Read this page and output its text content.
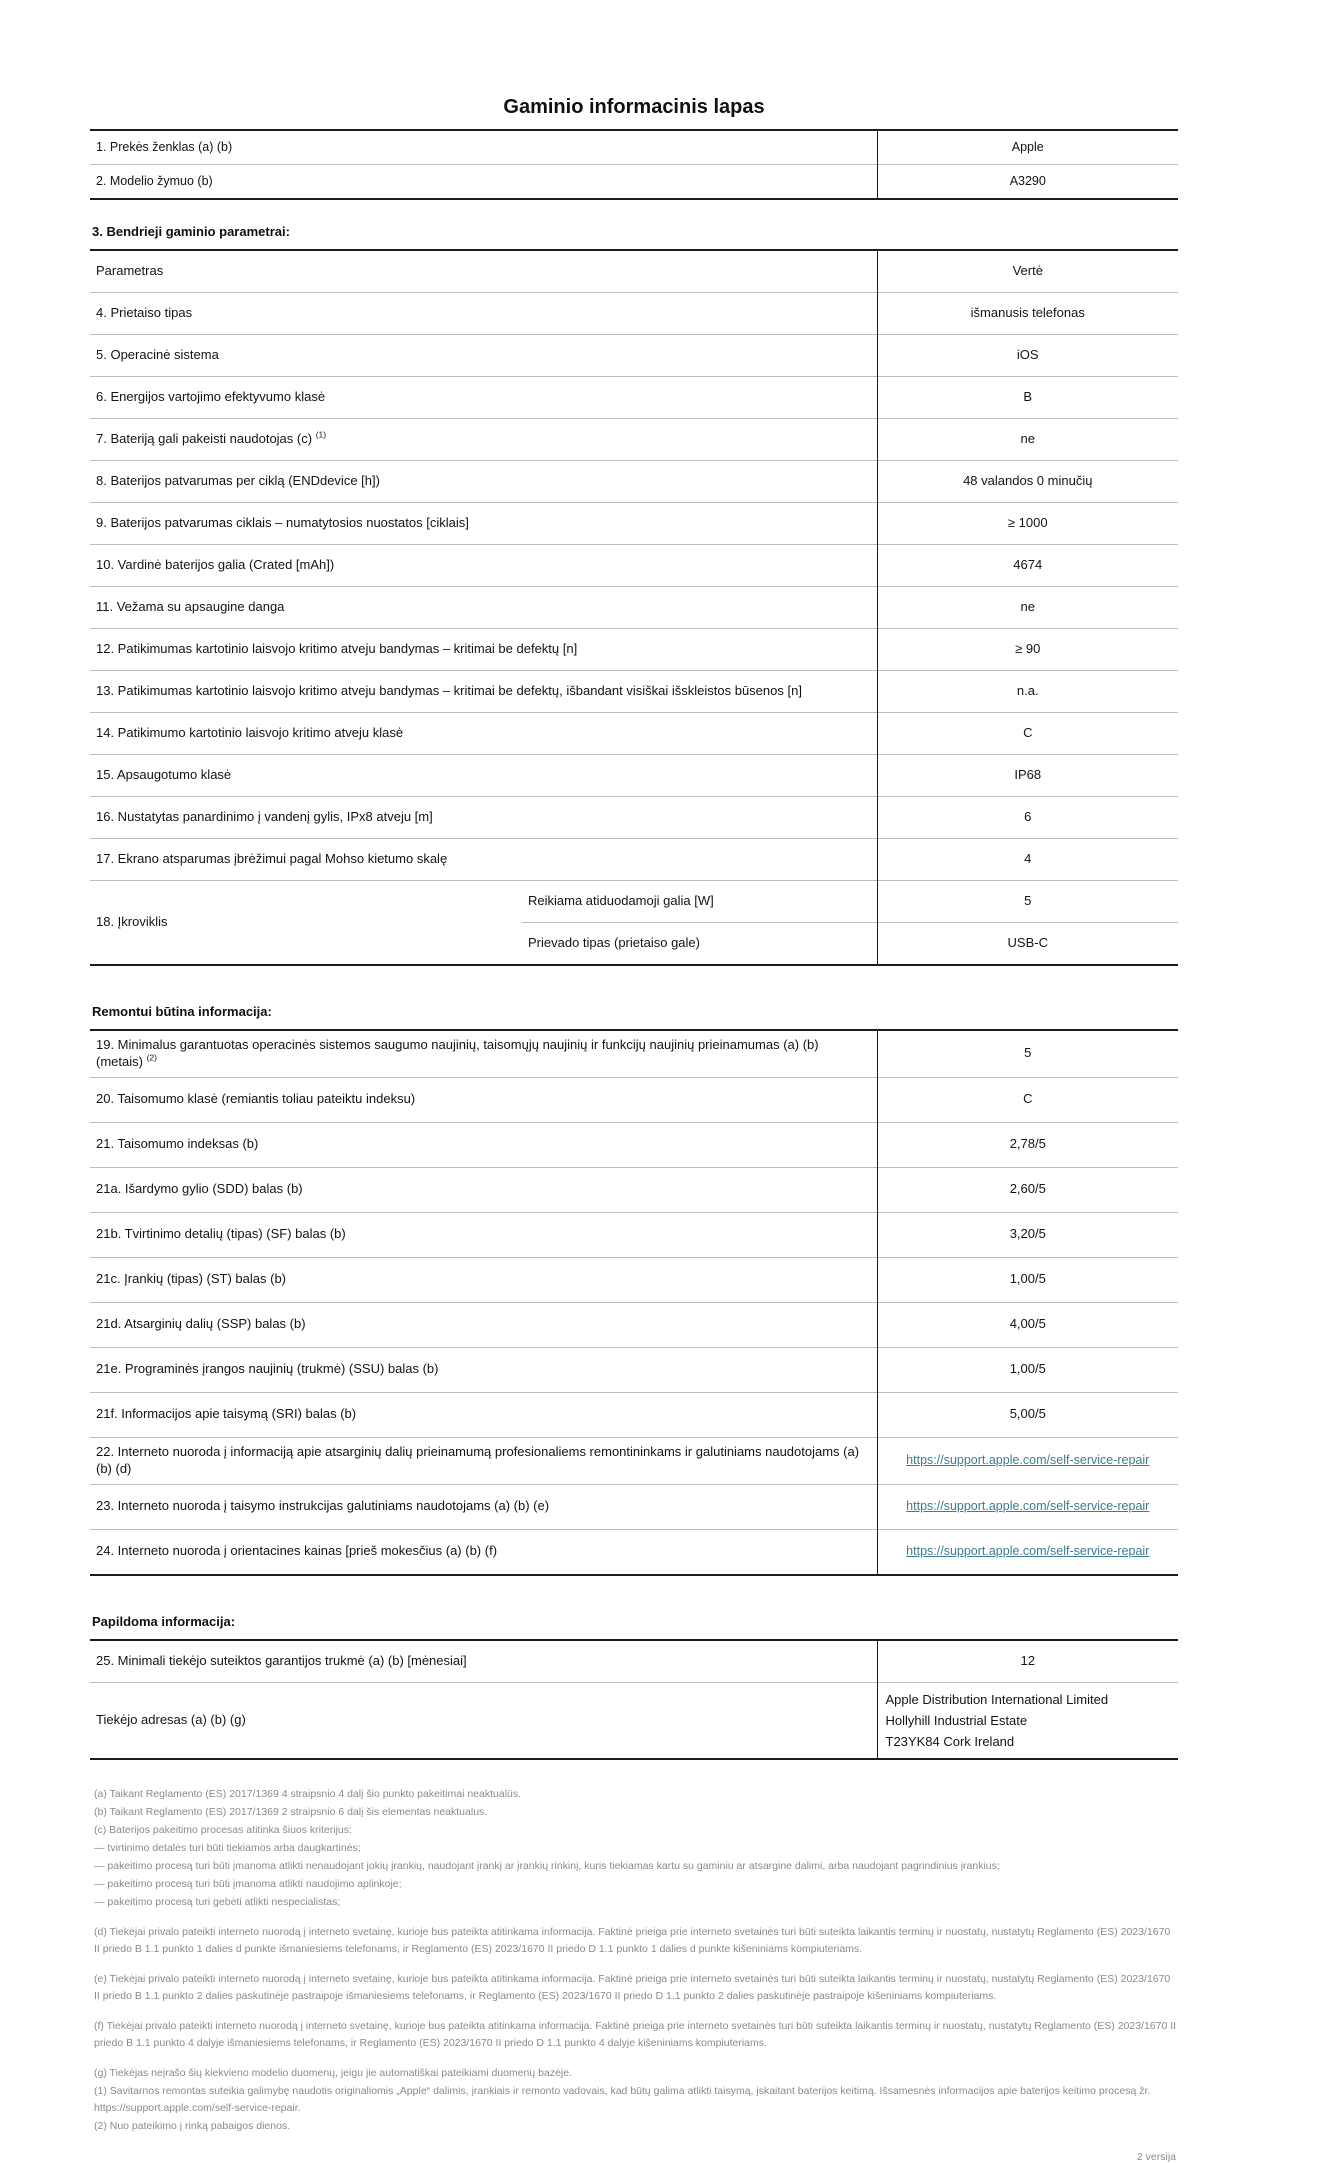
Gaminio informacinis lapas
1. Prekės ženklas (a) (b)	Apple
2. Modelio žymuo (b)	A3290
3. Bendrieji gaminio parametrai:
Parametras		Vertė
4. Prietaiso tipas		išmanusis telefonas
5. Operacinė sistema		iOS
6. Energijos vartojimo efektyvumo klasė		B
7. Bateriją gali pakeisti naudotojas (c) $^{(1)}$		ne
8. Baterijos patvarumas per ciklą (ENDdevice [h])		48 valandos 0 minučių
9. Baterijos patvarumas ciklais – numatytosios nuostatos [ciklais]		≥ 1000
10. Vardinė baterijos galia (Crated [mAh])		4674
11. Vežama su apsaugine danga		ne
12. Patikimumas kartotinio laisvojo kritimo atveju bandymas – kritimai be defektų [n]		≥ 90
13. Patikimumas kartotinio laisvojo kritimo atveju bandymas – kritimai be defektų, išbandant visiškai išskleistos būsenos [n]		n.a.
14. Patikimumo kartotinio laisvojo kritimo atveju klasė		C
15. Apsaugotumo klasė		IP68
16. Nustatytas panardinimo į vandenį gylis, IPx8 atveju [m]		6
17. Ekrano atsparumas įbrėžimui pagal Mohso kietumo skalę		4
18. Įkroviklis	Reikiama atiduodamoji galia [W]	5
	Prievado tipas (prietaiso gale)	USB-C
Remontui būtina informacija:
19. Minimalus garantuotas operacinės sistemos saugumo naujinių, taisomųjų naujinių ir funkcijų naujinių prieinamumas (a) (b) (metais) $^{(2)}$	5
20. Taisomumo klasė (remiantis toliau pateiktu indeksu)	C
21. Taisomumo indeksas (b)	2,78/5
21a. Išardymo gylio (SDD) balas (b)	2,60/5
21b. Tvirtinimo detalių (tipas) (SF) balas (b)	3,20/5
21c. Įrankių (tipas) (ST) balas (b)	1,00/5
21d. Atsarginių dalių (SSP) balas (b)	4,00/5
21e. Programinės įrangos naujinių (trukmė) (SSU) balas (b)	1,00/5
21f. Informacijos apie taisymą (SRI) balas (b)	5,00/5
22. Interneto nuoroda į informaciją apie atsarginių dalių prieinamumą profesionaliems remontininkams ir galutiniams naudotojams (a) (b) (d)	https://support.apple.com/self-service-repair
23. Interneto nuoroda į taisymo instrukcijas galutiniams naudotojams (a) (b) (e)	https://support.apple.com/self-service-repair
24. Interneto nuoroda į orientacines kainas [prieš mokesčius (a) (b) (f)	https://support.apple.com/self-service-repair
Papildoma informacija:
25. Minimali tiekėjo suteiktos garantijos trukmė (a) (b) [mėnesiai]	12
Tiekėjo adresas (a) (b) (g)	Apple Distribution International Limited
Hollyhill Industrial Estate
T23YK84 Cork Ireland
(a) Taikant Reglamento (ES) 2017/1369 4 straipsnio 4 dalį šio punkto pakeitimai neaktualūs.
(b) Taikant Reglamento (ES) 2017/1369 2 straipsnio 6 dalį šis elementas neaktualus.
(c) Baterijos pakeitimo procesas atitinka šiuos kriterijus:
— tvirtinimo detalės turi būti tiekiamos arba daugkartinės;
— pakeitimo procesą turi būti įmanoma atlikti nenaudojant jokių įrankių, naudojant įrankį ar įrankių rinkinį, kuris tiekiamas kartu su gaminiu ar atsargine dalimi, arba naudojant pagrindinius įrankius;
— pakeitimo procesą turi būti įmanoma atlikti naudojimo aplinkoje;
— pakeitimo procesą turi gebėti atlikti nespecialistas;
(d) Tiekėjai privalo pateikti interneto nuorodą į interneto svetainę, kurioje bus pateikta atitinkama informacija. Faktinė prieiga prie interneto svetainės turi būti suteikta laikantis terminų ir nuostatų, nustatytų Reglamento (ES) 2023/1670 II priedo B 1.1 punkto 1 dalies d punkte išmaniesiems telefonams, ir Reglamento (ES) 2023/1670 II priedo D 1.1 punkto 1 dalies d punkte kišeniniams kompiuteriams.
(e) Tiekėjai privalo pateikti interneto nuorodą į interneto svetainę, kurioje bus pateikta atitinkama informacija. Faktinė prieiga prie interneto svetainės turi būti suteikta laikantis terminų ir nuostatų, nustatytų Reglamento (ES) 2023/1670 II priedo B 1.1 punkto 2 dalies paskutinėje pastraipoje išmaniesiems telefonams, ir Reglamento (ES) 2023/1670 II priedo D 1.1 punkto 2 dalies paskutinėje pastraipoje kišeniniams kompiuteriams.
(f) Tiekėjai privalo pateikti interneto nuorodą į interneto svetainę, kurioje bus pateikta atitinkama informacija. Faktinė prieiga prie interneto svetainės turi būti suteikta laikantis terminų ir nuostatų, nustatytų Reglamento (ES) 2023/1670 II priedo B 1.1 punkto 4 dalyje išmaniesiems telefonams, ir Reglamento (ES) 2023/1670 II priedo D 1.1 punkto 4 dalyje kišeniniams kompiuteriams.
(g) Tiekėjas neįrašo šių kiekvieno modelio duomenų, jeigu jie automatiškai pateikiami duomenų bazėje.
(1) Savitarnos remontas suteikia galimybę naudotis originaliomis „Apple“ dalimis, įrankiais ir remonto vadovais, kad būtų galima atlikti taisymą, įskaitant baterijos keitimą. Išsamesnės informacijos apie baterijos keitimo procesą žr. https://support.apple.com/self-service-repair.
(2) Nuo pateikimo į rinką pabaigos dienos.
2 versija
